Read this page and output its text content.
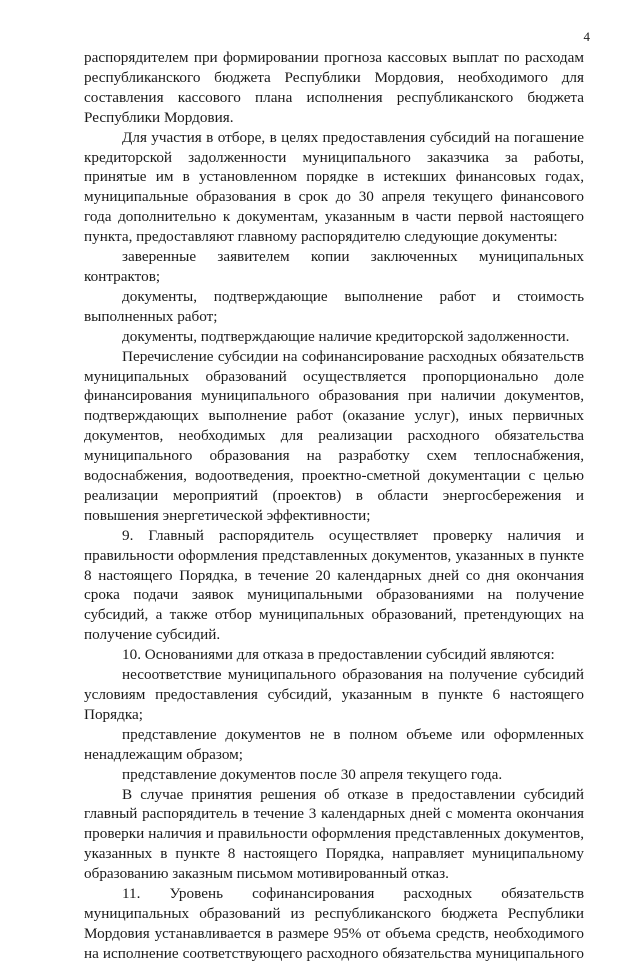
4

распорядителем при формировании прогноза кассовых выплат по расходам республиканского бюджета Республики Мордовия, необходимого для составления кассового плана исполнения республиканского бюджета Республики Мордовия.

Для участия в отборе, в целях предоставления субсидий на погашение кредиторской задолженности муниципального заказчика за работы, принятые им в установленном порядке в истекших финансовых годах, муниципальные образования в срок до 30 апреля текущего финансового года дополнительно к документам, указанным в части первой настоящего пункта, предоставляют главному распорядителю следующие документы:

заверенные заявителем копии заключенных муниципальных контрактов;

документы, подтверждающие выполнение работ и стоимость выполненных работ;

документы, подтверждающие наличие кредиторской задолженности.

Перечисление субсидии на софинансирование расходных обязательств муниципальных образований осуществляется пропорционально доле финансирования муниципального образования при наличии документов, подтверждающих выполнение работ (оказание услуг), иных первичных документов, необходимых для реализации расходного обязательства муниципального образования на разработку схем теплоснабжения, водоснабжения, водоотведения, проектно-сметной документации с целью реализации мероприятий (проектов) в области энергосбережения и повышения энергетической эффективности;

9. Главный распорядитель осуществляет проверку наличия и правильности оформления представленных документов, указанных в пункте 8 настоящего Порядка, в течение 20 календарных дней со дня окончания срока подачи заявок муниципальными образованиями на получение субсидий, а также отбор муниципальных образований, претендующих на получение субсидий.

10. Основаниями для отказа в предоставлении субсидий являются:

несоответствие муниципального образования на получение субсидий условиям предоставления субсидий, указанным в пункте 6 настоящего Порядка;

представление документов не в полном объеме или оформленных ненадлежащим образом;

представление документов после 30 апреля текущего года.

В случае принятия решения об отказе в предоставлении субсидий главный распорядитель в течение 3 календарных дней с момента окончания проверки наличия и правильности оформления представленных документов, указанных в пункте 8 настоящего Порядка, направляет муниципальному образованию заказным письмом мотивированный отказ.

11. Уровень софинансирования расходных обязательств муниципальных образований из республиканского бюджета Республики Мордовия устанавливается в размере 95% от объема средств, необходимого на исполнение соответствующего расходного обязательства муниципального
